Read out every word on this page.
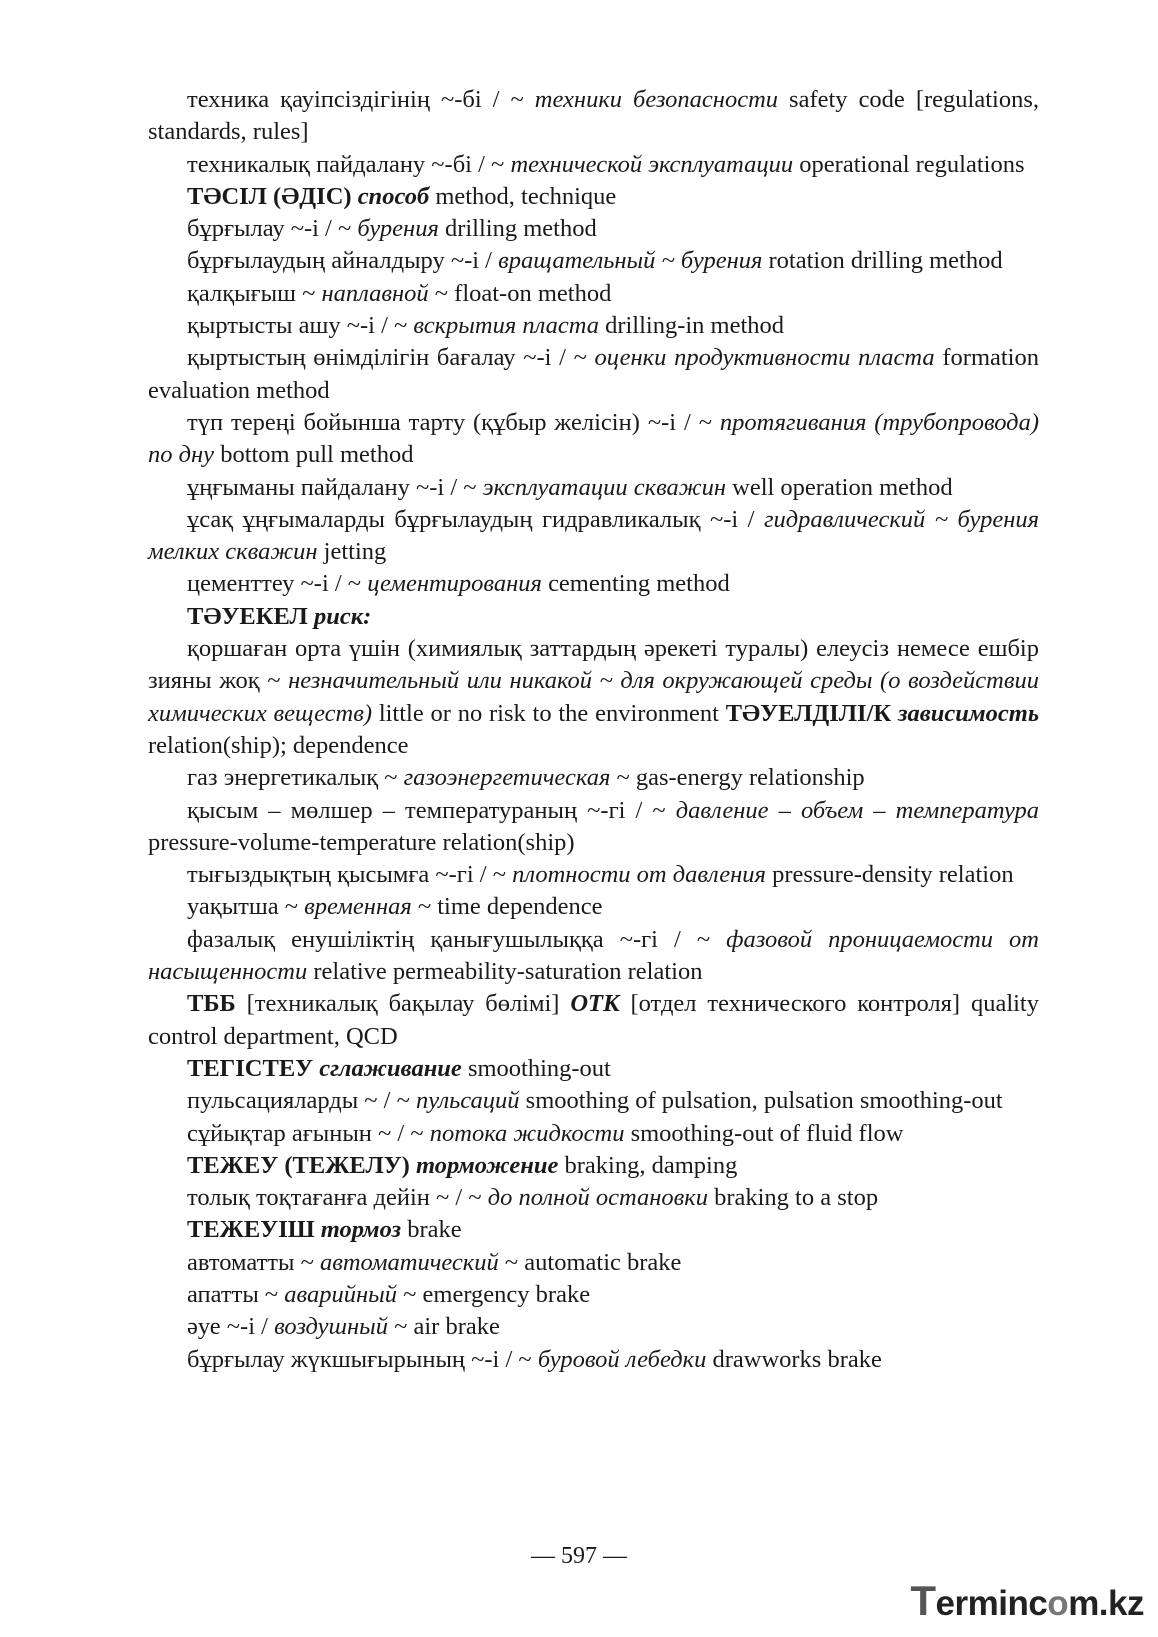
техника қауіпсіздігінің ~-бі / ~ техники безопасности safety code [regulations, standards, rules]

техникалық пайдалану ~-бі / ~ технической эксплуатации operational regulations

ТӘСІЛ (ӘДІС) способ method, technique

бұрғылау ~-і / ~ бурения drilling method

бұрғылаудың айналдыру ~-і / вращательный ~ бурения rotation drilling method

қалқығыш ~ наплавной ~ float-on method

қыртысты ашу ~-і / ~ вскрытия пласта drilling-in method

қыртыстың өнімділігін бағалау ~-і / ~ оценки продуктивности пласта formation evaluation method

түп тереңі бойынша тарту (құбыр желісін) ~-і / ~ протягивания (трубопровода) по дну bottom pull method

ұңғыманы пайдалану ~-і / ~ эксплуатации скважин well operation method

ұсақ ұңғымаларды бұрғылаудың гидравликалық ~-і / гидравлический ~ бурения мелких скважин jetting

цементтеу ~-і / ~ цементирования cementing method

ТӘУЕКЕЛ риск:

қоршаған орта үшін (химиялық заттардың әрекеті туралы) елеусіз немесе ешбір зияны жоқ ~ незначительный или никакой ~ для окружающей среды (о воздействии химических веществ) little or no risk to the environment ТӘУЕЛДІЛІ/К зависимость relation(ship); dependence

газ энергетикалық ~ газоэнергетическая ~ gas-energy relationship

қысым – мөлшер – температураның ~-гі / ~ давление – объем – температура pressure-volume-temperature relation(ship)

тығыздықтың қысымға ~-гі / ~ плотности от давления pressure-density relation

уақытша ~ временная ~ time dependence

фазалық енушіліктің қанығушылыққа ~-гі / ~ фазовой проницаемости от насыщенности relative permeability-saturation relation

ТББ [техникалық бақылау бөлімі] ОТК [отдел технического контроля] quality control department, QCD

ТЕГІСТЕУ сглаживание smoothing-out

пульсацияларды ~ / ~ пульсаций smoothing of pulsation, pulsation smoothing-out

сұйықтар ағынын ~ / ~ потока жидкости smoothing-out of fluid flow

ТЕЖЕУ (ТЕЖЕЛУ) торможение braking, damping

толық тоқтағанға дейін ~ / ~ до полной остановки braking to a stop

ТЕЖЕУІШ тормоз brake

автоматты ~ автоматический ~ automatic brake

апатты ~ аварийный ~ emergency brake

әуе ~-і / воздушный ~ air brake

бұрғылау жүкшығырының ~-і / ~ буровой лебедки drawworks brake

— 597 —
Termincom.kz
